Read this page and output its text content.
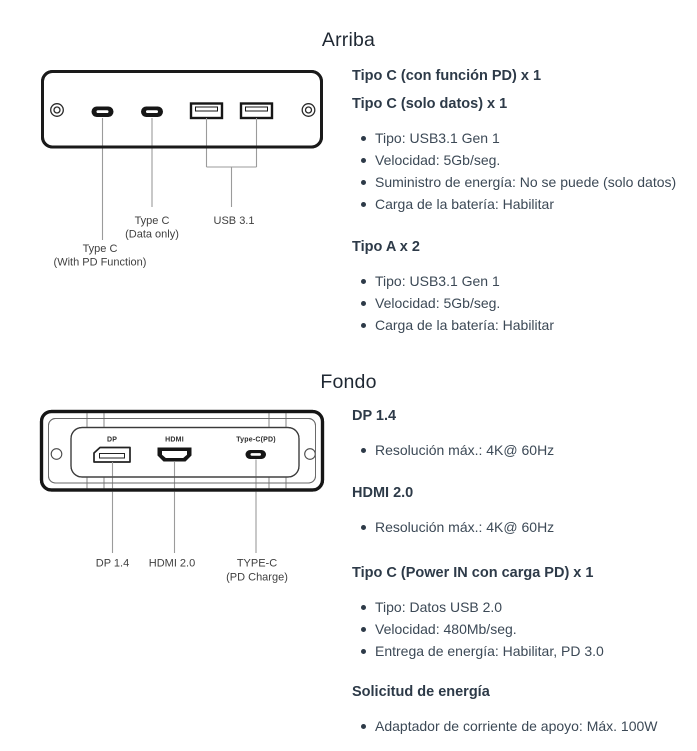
Arriba
USB 3.1
Type C
(Data only)
Type C
(With PD Function)

Tipo C (con función PD) x 1

Tipo C (solo datos) x 1

Tipo: USB3.1 Gen 1
Velocidad: 5Gb/seg.
Suministro de energía: No se puede (solo datos)
Carga de la batería: Habilitar

Tipo A x 2

Tipo: USB3.1 Gen 1
Velocidad: 5Gb/seg.
Carga de la batería: Habilitar
Fondo
DP	HDMI	Type-C(PD)
DP 1.4 HDMI 2.0	TYPE-C
(PD Charge)

DP 1.4

Resolución máx.: 4K@ 60Hz

HDMI 2.0

Resolución máx.: 4K@ 60Hz

Tipo C (Power IN con carga PD) x 1

Tipo: Datos USB 2.0
Velocidad: 480Mb/seg.
Entrega de energía: Habilitar, PD 3.0

Solicitud de energía

Adaptador de corriente de apoyo: Máx. 100W
